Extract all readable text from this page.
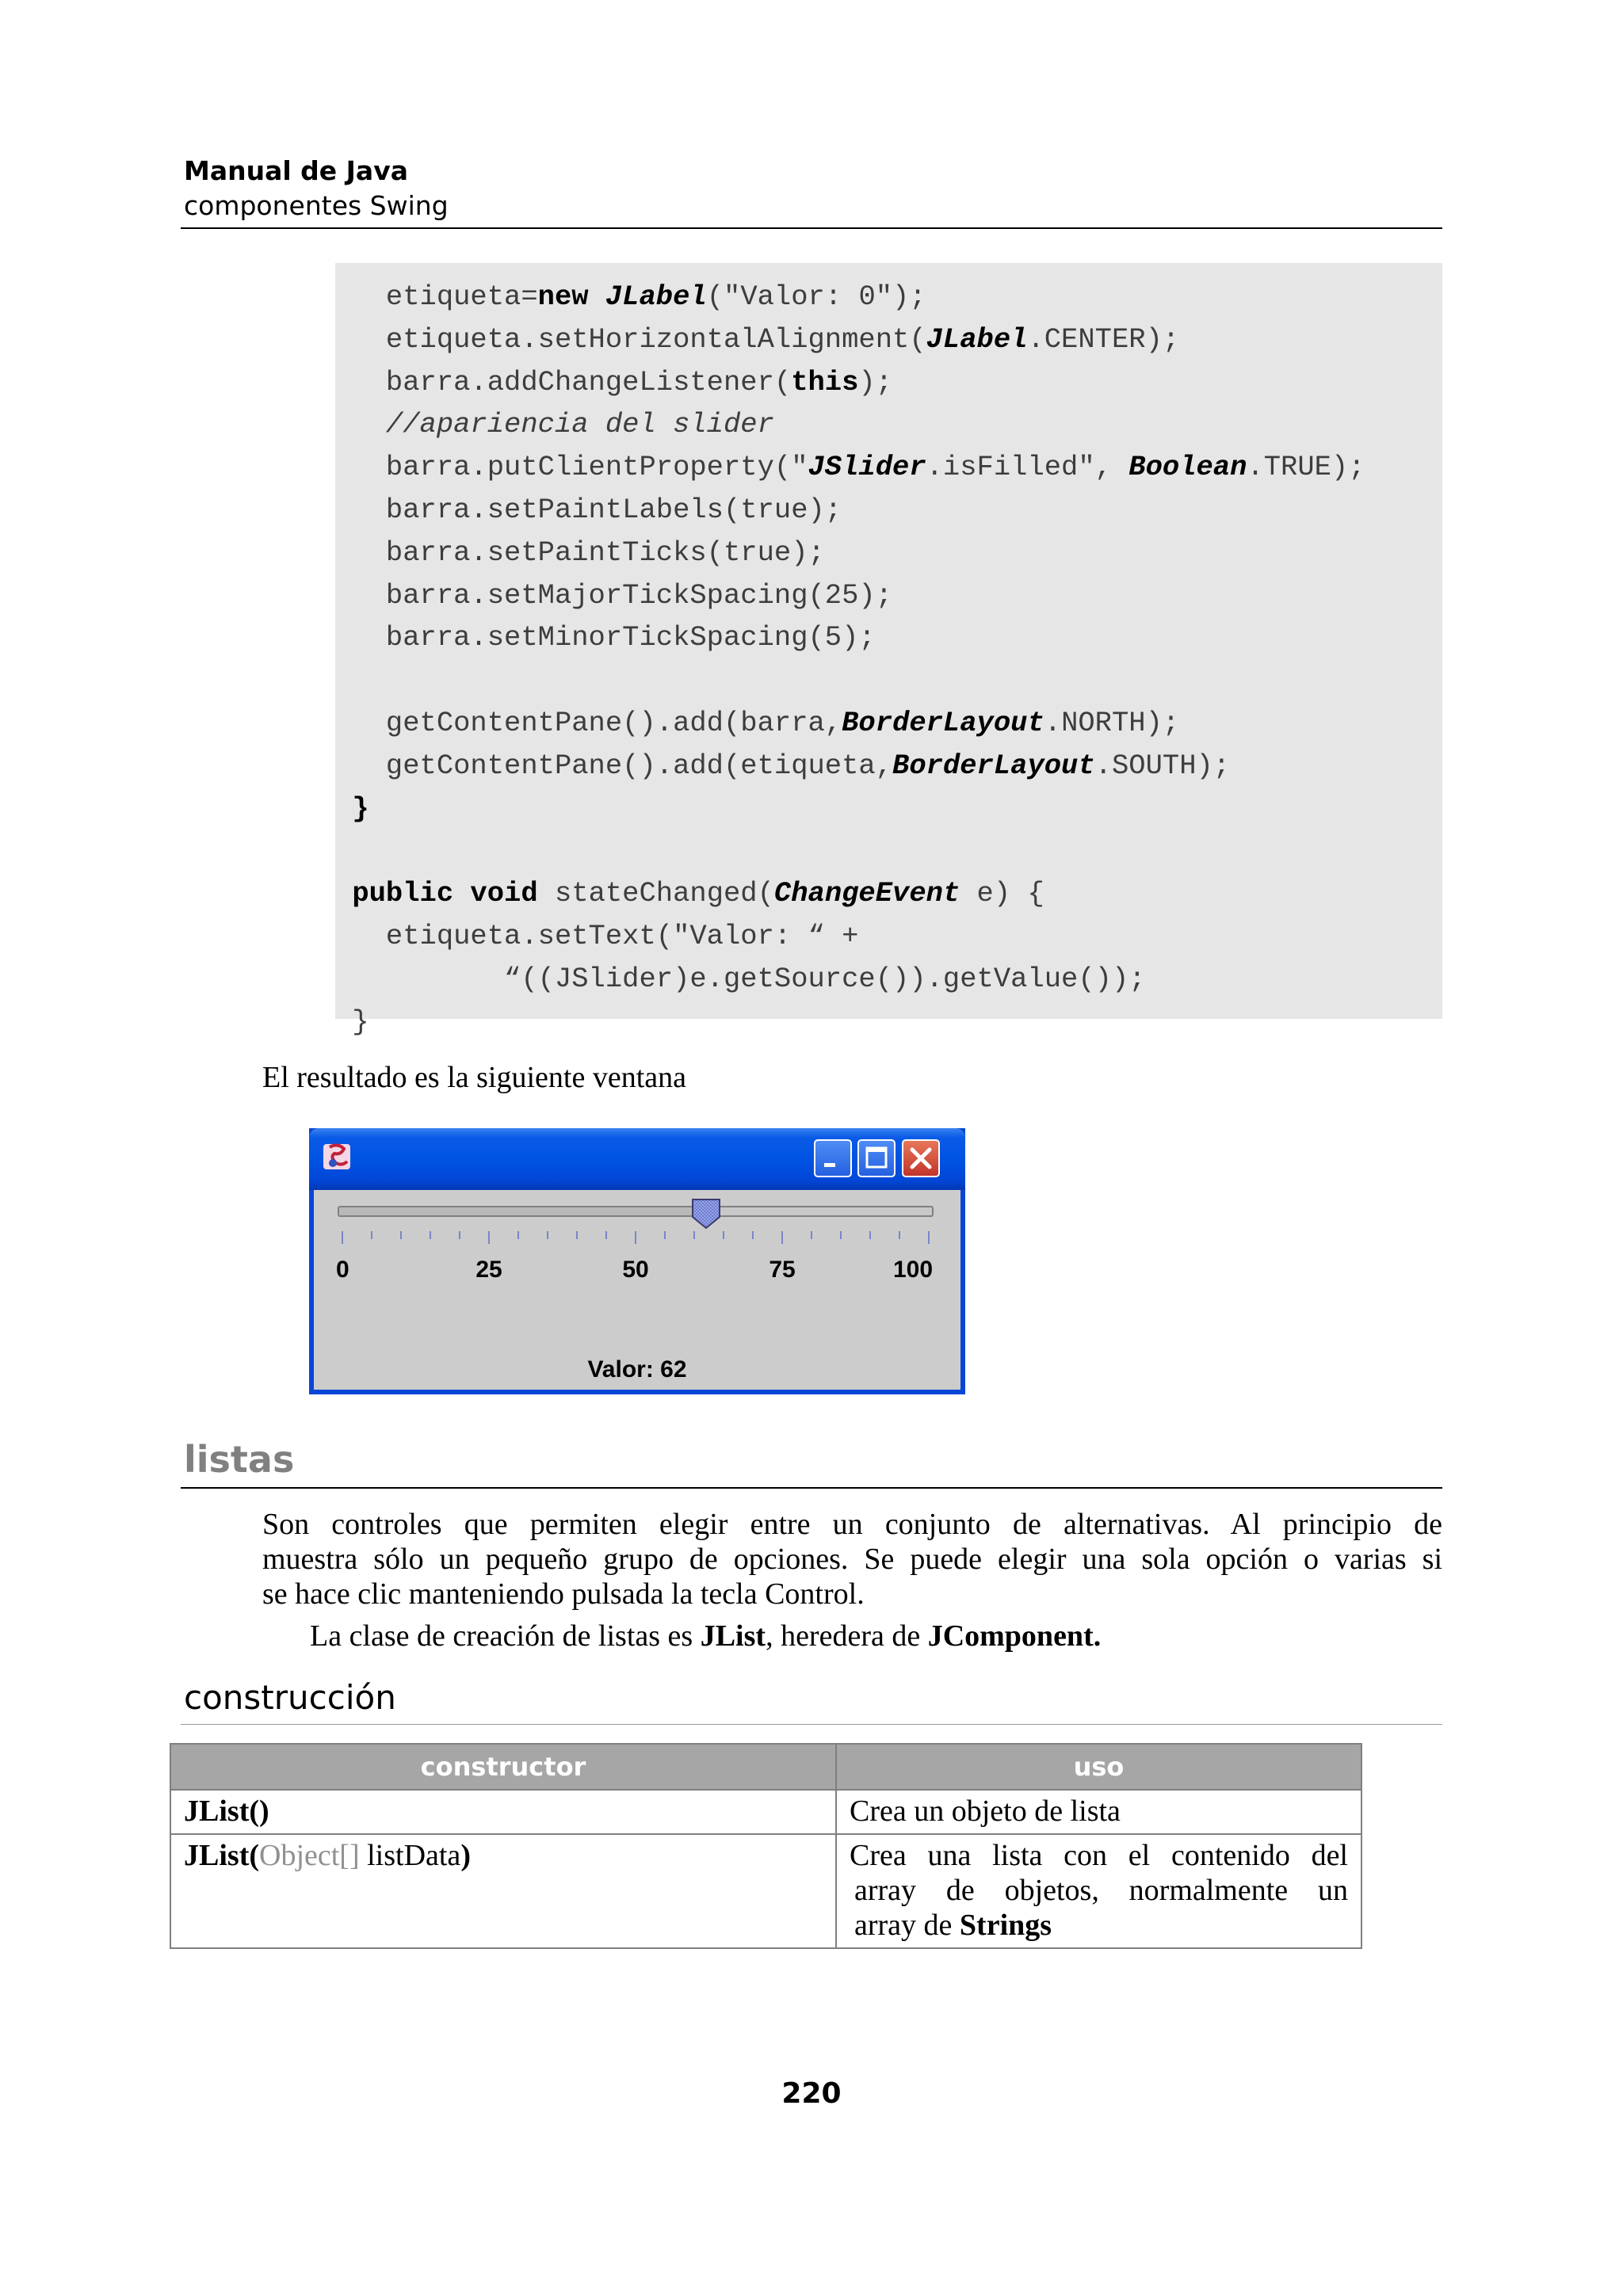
Manual de Java
componentes Swing
etiqueta=new JLabel("Valor: 0");
etiqueta.setHorizontalAlignment(JLabel.CENTER);
barra.addChangeListener(this);
//apariencia del slider
barra.putClientProperty("JSlider.isFilled", Boolean.TRUE);
barra.setPaintLabels(true);
barra.setPaintTicks(true);
barra.setMajorTickSpacing(25);
barra.setMinorTickSpacing(5);
getContentPane().add(barra,BorderLayout.NORTH);
getContentPane().add(etiqueta,BorderLayout.SOUTH);
}
public void stateChanged(ChangeEvent e) {
etiqueta.setText("Valor: “ +
“((JSlider)e.getSource()).getValue());
}
El resultado es la siguiente ventana
Valor: 62
0	25	50	75	100
listas
Son controles que permiten elegir entre un conjunto de alternativas. Al principio de
muestra sólo un pequeño grupo de opciones. Se puede elegir una sola opción o varias si
se hace clic manteniendo pulsada la tecla Control.
La clase de creación de listas es JList, heredera de JComponent.
construcción
constructor	uso
JList()	Crea un objeto de lista
JList(Object[] listData)	Crea una lista con el contenido del
array de objetos, normalmente un
array de Strings
220
